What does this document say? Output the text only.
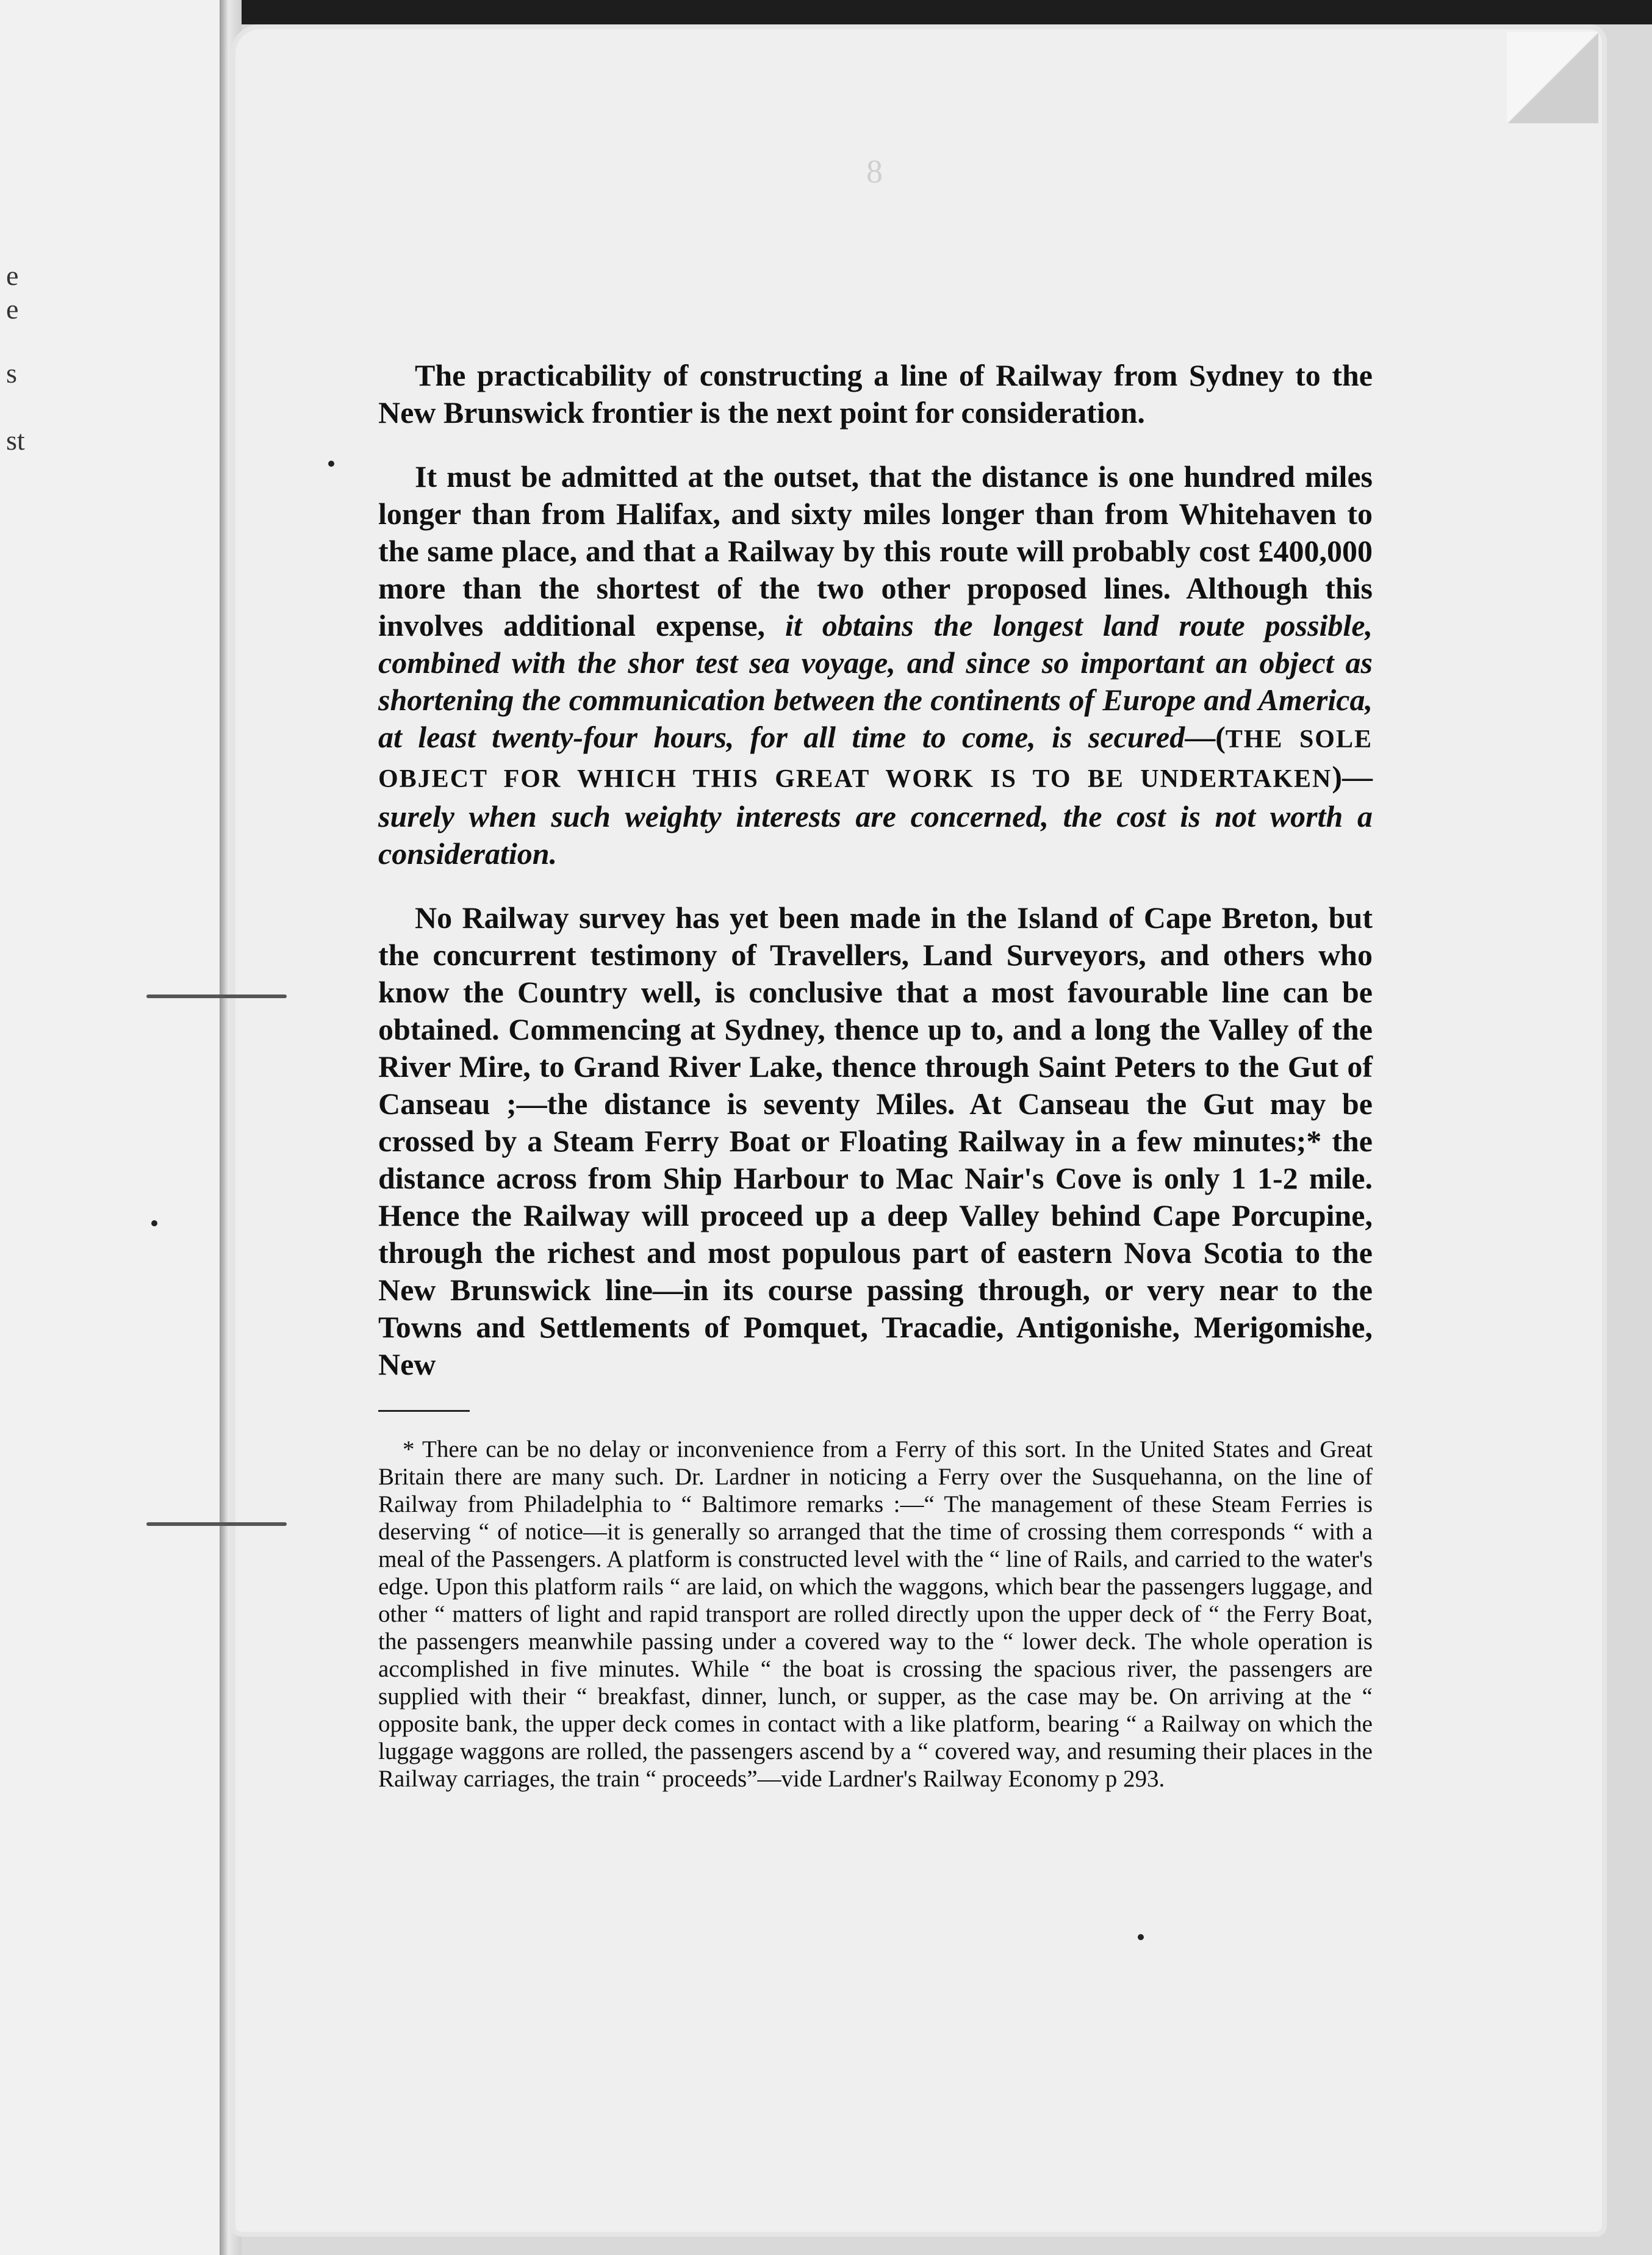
e
e
s
st
8

The practicability of constructing a line of Railway from Sydney to the New Brunswick frontier is the next point for consideration.

It must be admitted at the outset, that the distance is one hundred miles longer than from Halifax, and sixty miles longer than from Whitehaven to the same place, and that a Railway by this route will probably cost £400,000 more than the shortest of the two other proposed lines. Although this involves additional expense, it obtains the longest land route possible, combined with the shor test sea voyage, and since so important an object as shortening the communication between the continents of Europe and America, at least twenty-four hours, for all time to come, is secured—(THE SOLE OBJECT FOR WHICH THIS GREAT WORK IS TO BE UNDERTAKEN)—surely when such weighty interests are concerned, the cost is not worth a consideration.

No Railway survey has yet been made in the Island of Cape Breton, but the concurrent testimony of Travellers, Land Surveyors, and others who know the Country well, is conclusive that a most favourable line can be obtained. Commencing at Sydney, thence up to, and a long the Valley of the River Mire, to Grand River Lake, thence through Saint Peters to the Gut of Canseau ;—the distance is seventy Miles. At Canseau the Gut may be crossed by a Steam Ferry Boat or Floating Railway in a few minutes;* the distance across from Ship Harbour to Mac Nair's Cove is only 1 1-2 mile. Hence the Railway will proceed up a deep Valley behind Cape Porcupine, through the richest and most populous part of eastern Nova Scotia to the New Brunswick line—in its course passing through, or very near to the Towns and Settlements of Pomquet, Tracadie, Antigonishe, Merigomishe, New

* There can be no delay or inconvenience from a Ferry of this sort. In the United States and Great Britain there are many such. Dr. Lardner in noticing a Ferry over the Susquehanna, on the line of Railway from Philadelphia to “ Baltimore remarks :—“ The management of these Steam Ferries is deserving “ of notice—it is generally so arranged that the time of crossing them corresponds “ with a meal of the Passengers. A platform is constructed level with the “ line of Rails, and carried to the water's edge. Upon this platform rails “ are laid, on which the waggons, which bear the passengers luggage, and other “ matters of light and rapid transport are rolled directly upon the upper deck of “ the Ferry Boat, the passengers meanwhile passing under a covered way to the “ lower deck. The whole operation is accomplished in five minutes. While “ the boat is crossing the spacious river, the passengers are supplied with their “ breakfast, dinner, lunch, or supper, as the case may be. On arriving at the “ opposite bank, the upper deck comes in contact with a like platform, bearing “ a Railway on which the luggage waggons are rolled, the passengers ascend by a “ covered way, and resuming their places in the Railway carriages, the train “ proceeds”—vide Lardner's Railway Economy p 293.
